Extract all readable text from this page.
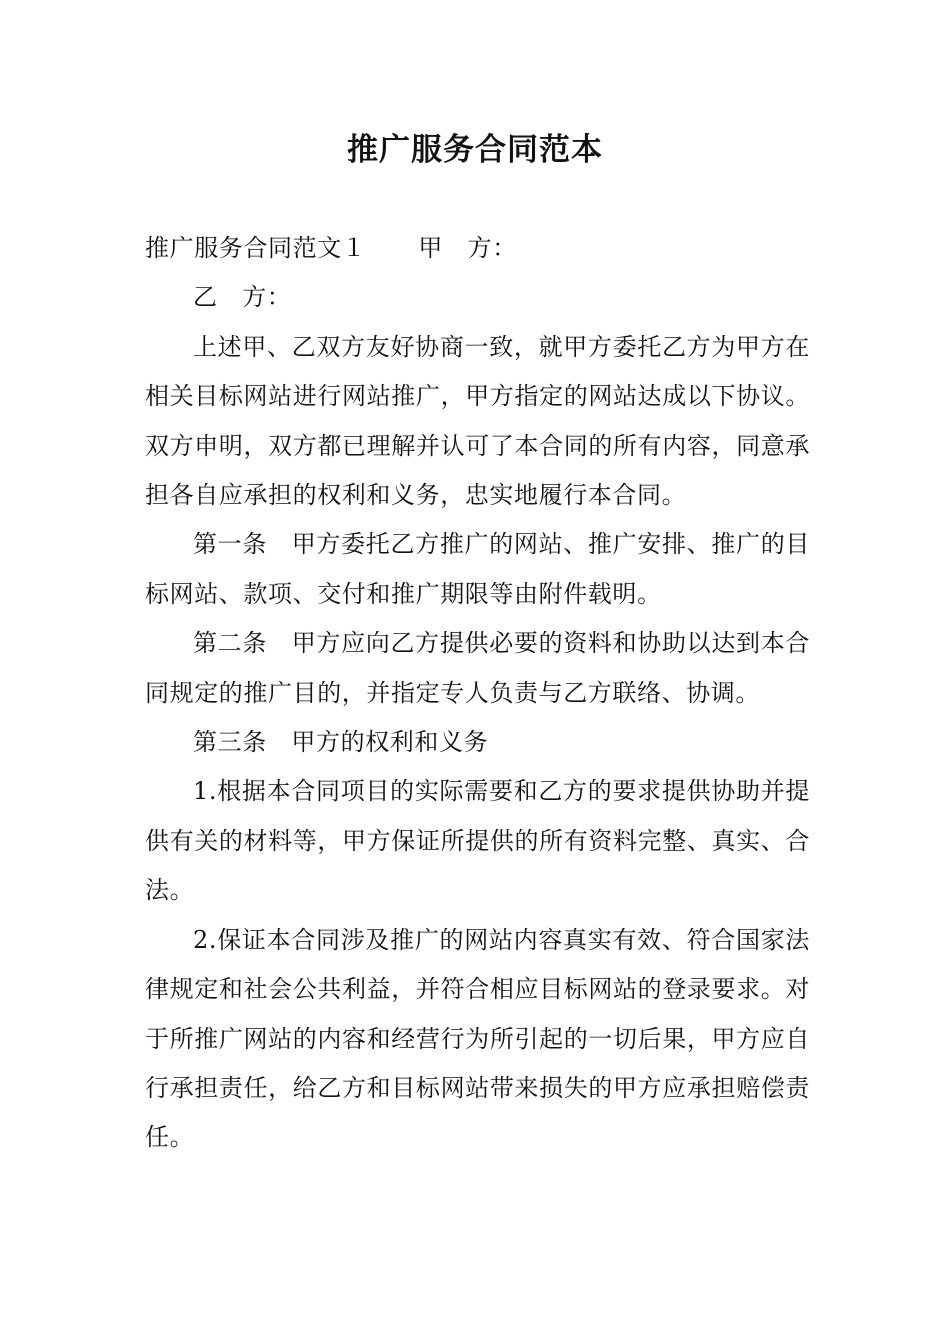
推广服务合同范本

推广服务合同范文１ 甲　方：

乙　方：

上述甲、乙双方友好协商一致，就甲方委托乙方为甲方在相关目标网站进行网站推广，甲方指定的网站达成以下协议。双方申明，双方都已理解并认可了本合同的所有内容，同意承担各自应承担的权利和义务，忠实地履行本合同。

第一条　甲方委托乙方推广的网站、推广安排、推广的目标网站、款项、交付和推广期限等由附件载明。

第二条　甲方应向乙方提供必要的资料和协助以达到本合同规定的推广目的，并指定专人负责与乙方联络、协调。

第三条　甲方的权利和义务

1.根据本合同项目的实际需要和乙方的要求提供协助并提供有关的材料等，甲方保证所提供的所有资料完整、真实、合法。

2.保证本合同涉及推广的网站内容真实有效、符合国家法律规定和社会公共利益，并符合相应目标网站的登录要求。对于所推广网站的内容和经营行为所引起的一切后果，甲方应自行承担责任，给乙方和目标网站带来损失的甲方应承担赔偿责任。
